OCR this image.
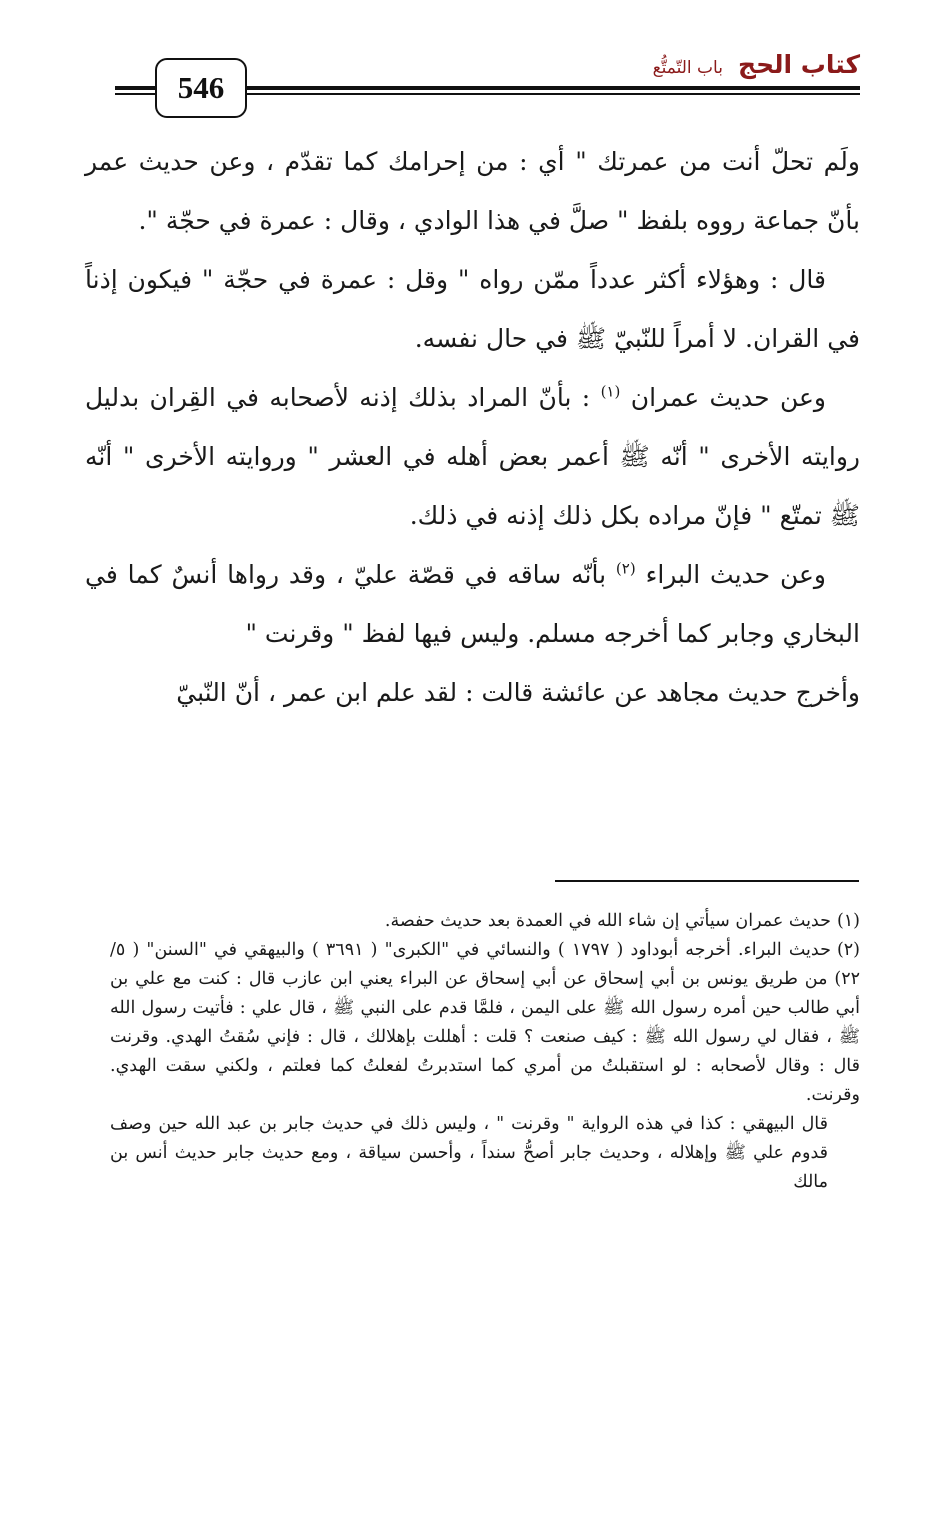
546
كتاب الحج باب التّمتُّع

ولَم تحلّ أنت من عمرتك " أي : من إحرامك كما تقدّم ، وعن حديث عمر بأنّ جماعة رووه بلفظ " صلَّ في هذا الوادي ، وقال : عمرة في حجّة ".

قال : وهؤلاء أكثر عدداً ممّن رواه " وقل : عمرة في حجّة " فيكون إذناً في القران. لا أمراً للنّبيّ ﷺ في حال نفسه.

وعن حديث عمران $^{(١)}$ : بأنّ المراد بذلك إذنه لأصحابه في القِران بدليل روايته الأخرى " أنّه ﷺ أعمر بعض أهله في العشر " وروايته الأخرى " أنّه ﷺ تمتّع " فإنّ مراده بكل ذلك إذنه في ذلك.

وعن حديث البراء $^{(٢)}$ بأنّه ساقه في قصّة عليّ ، وقد رواها أنسٌ كما في البخاري وجابر كما أخرجه مسلم. وليس فيها لفظ " وقرنت "

وأخرج حديث مجاهد عن عائشة قالت : لقد علم ابن عمر ، أنّ النّبيّ

(١)حديث عمران سيأتي إن شاء الله في العمدة بعد حديث حفصة.

(٢)حديث البراء. أخرجه أبوداود ( ١٧٩٧ ) والنسائي في "الكبرى" ( ٣٦٩١ ) والبيهقي في "السنن" ( ٥/ ٢٢) من طريق يونس بن أبي إسحاق عن أبي إسحاق عن البراء يعني ابن عازب قال : كنت مع علي بن أبي طالب حين أمره رسول الله ﷺ على اليمن ، فلمَّا قدم على النبي ﷺ ، قال علي : فأتيت رسول الله ﷺ ، فقال لي رسول الله ﷺ : كيف صنعت ؟ قلت : أهللت بإهلالك ، قال : فإني سُقتُ الهدي. وقرنت قال : وقال لأصحابه : لو استقبلتُ من أمري كما استدبرتُ لفعلتُ كما فعلتم ، ولكني سقت الهدي. وقرنت.

قال البيهقي : كذا في هذه الرواية " وقرنت " ، وليس ذلك في حديث جابر بن عبد الله حين وصف قدوم علي ﷺ وإهلاله ، وحديث جابر أصحُّ سنداً ، وأحسن سياقة ، ومع حديث جابر حديث أنس بن مالك
